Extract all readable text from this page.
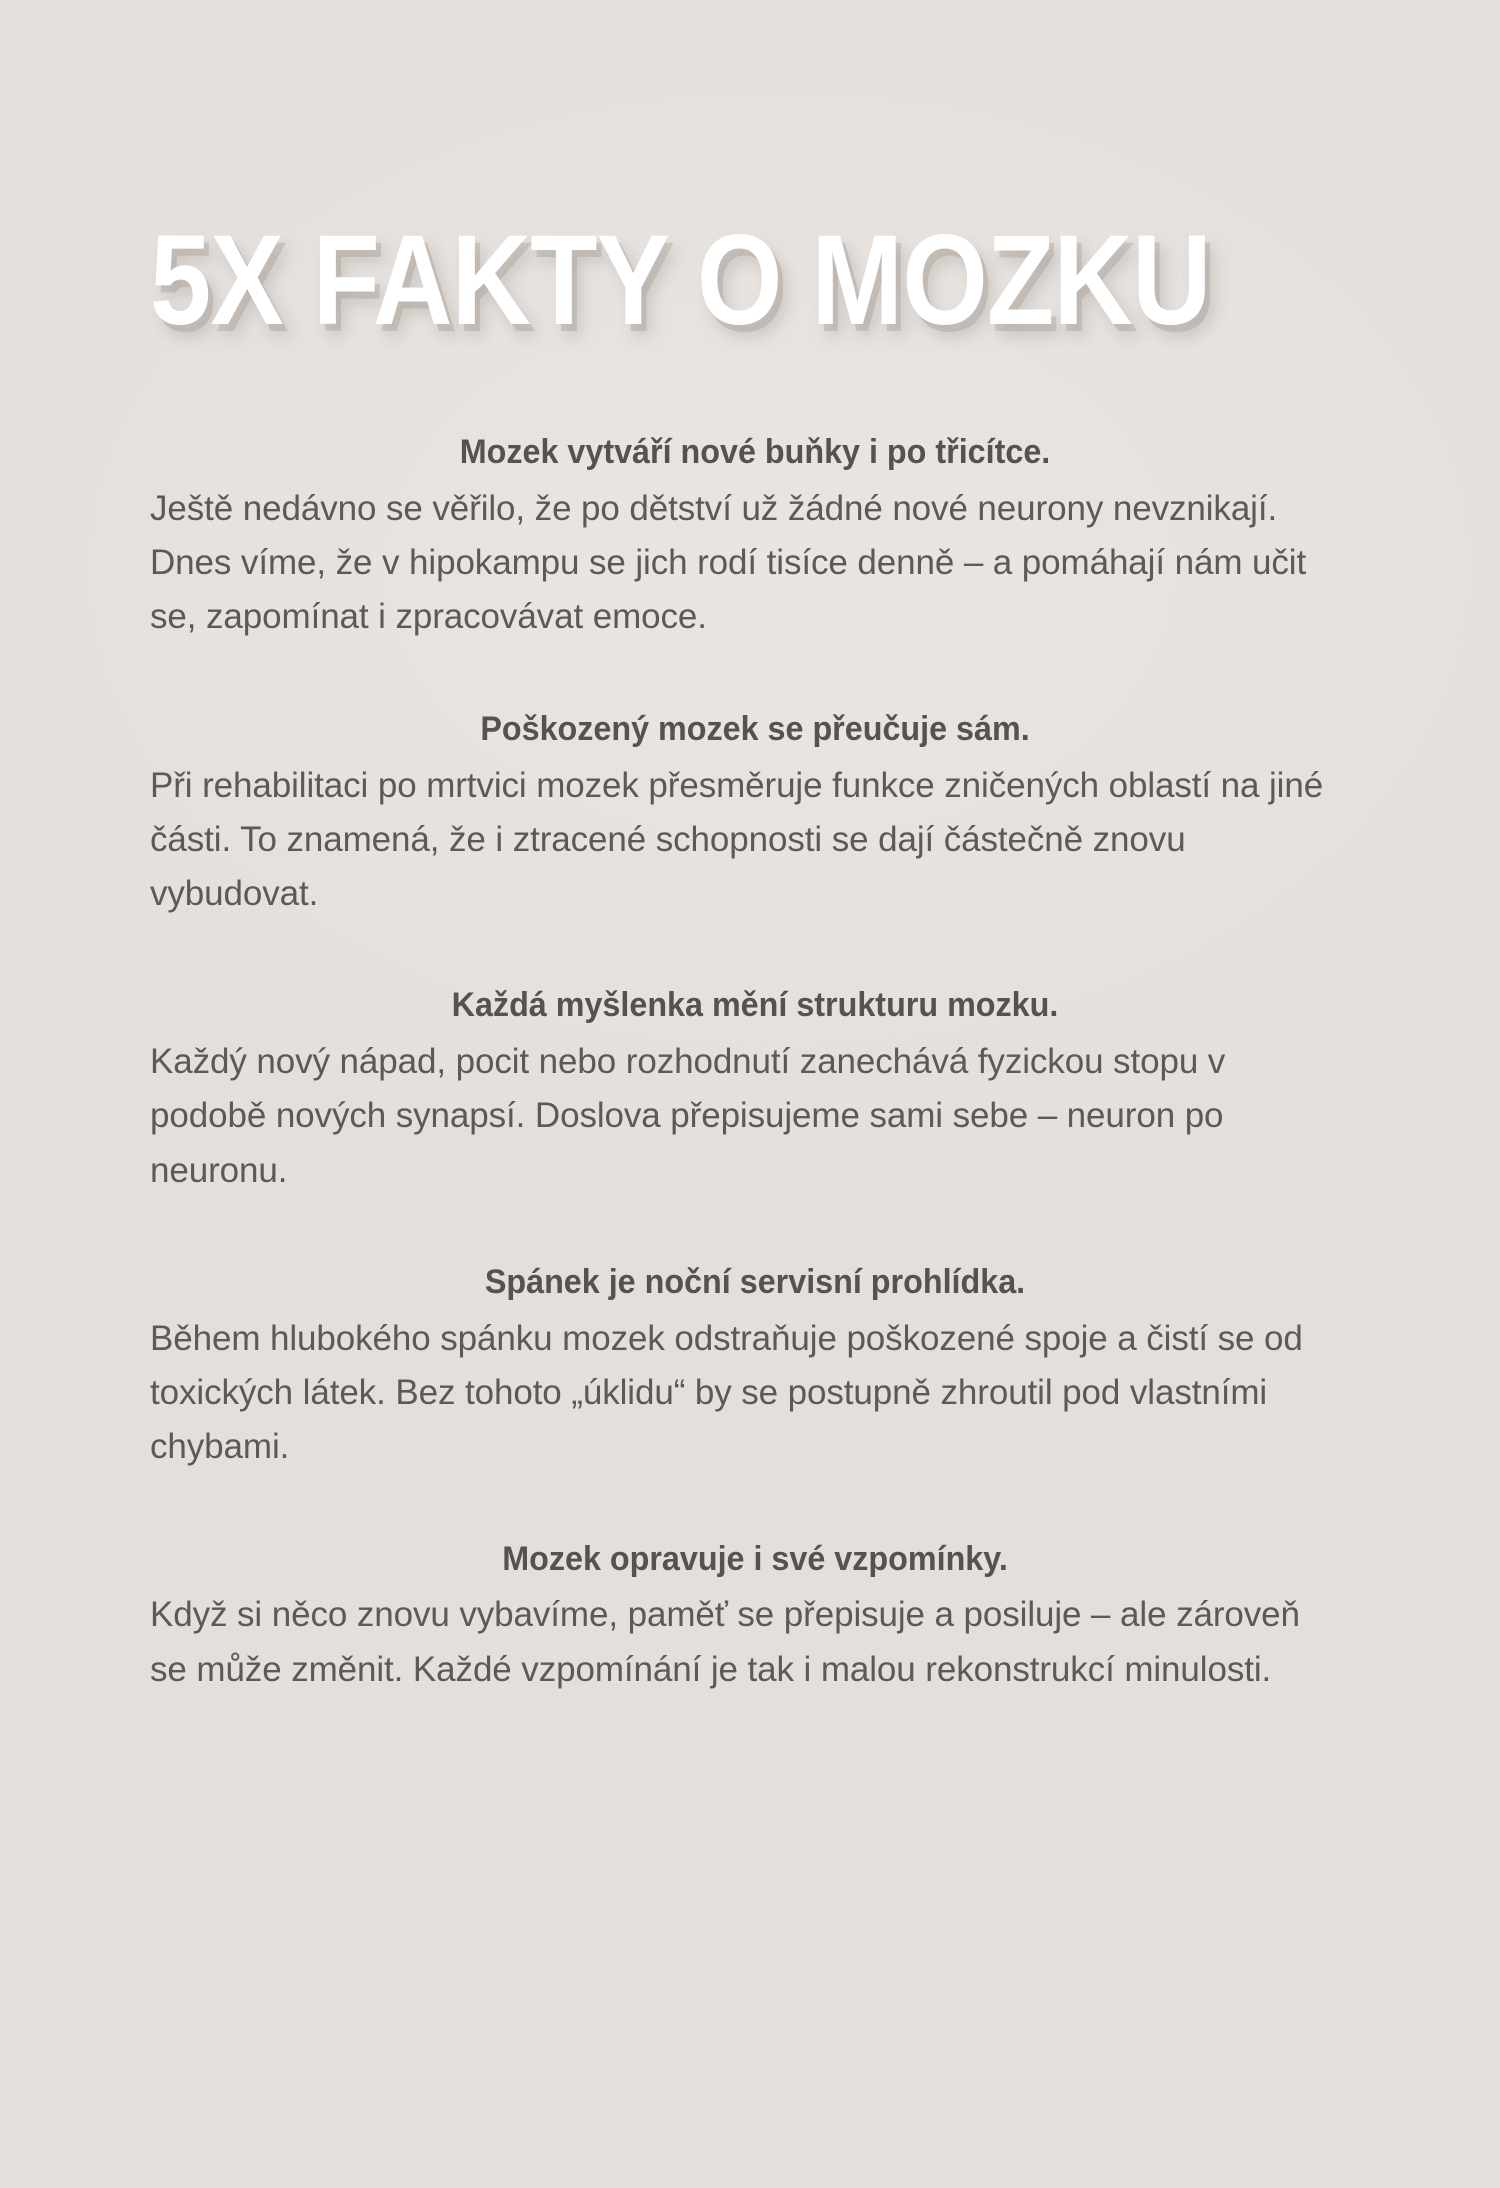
5X FAKTY O MOZKU
Mozek vytváří nové buňky i po třicítce.

Ještě nedávno se věřilo, že po dětství už žádné nové neurony nevznikají. Dnes víme, že v hipokampu se jich rodí tisíce denně – a pomáhají nám učit se, zapomínat i zpracovávat emoce.

Poškozený mozek se přeučuje sám.

Při rehabilitaci po mrtvici mozek přesměruje funkce zničených oblastí na jiné části. To znamená, že i ztracené schopnosti se dají částečně znovu vybudovat.

Každá myšlenka mění strukturu mozku.

Každý nový nápad, pocit nebo rozhodnutí zanechává fyzickou stopu v podobě nových synapsí. Doslova přepisujeme sami sebe – neuron po neuronu.

Spánek je noční servisní prohlídka.

Během hlubokého spánku mozek odstraňuje poškozené spoje a čistí se od toxických látek. Bez tohoto „úklidu“ by se postupně zhroutil pod vlastními chybami.

Mozek opravuje i své vzpomínky.

Když si něco znovu vybavíme, paměť se přepisuje a posiluje – ale zároveň se může změnit. Každé vzpomínání je tak i malou rekonstrukcí minulosti.
